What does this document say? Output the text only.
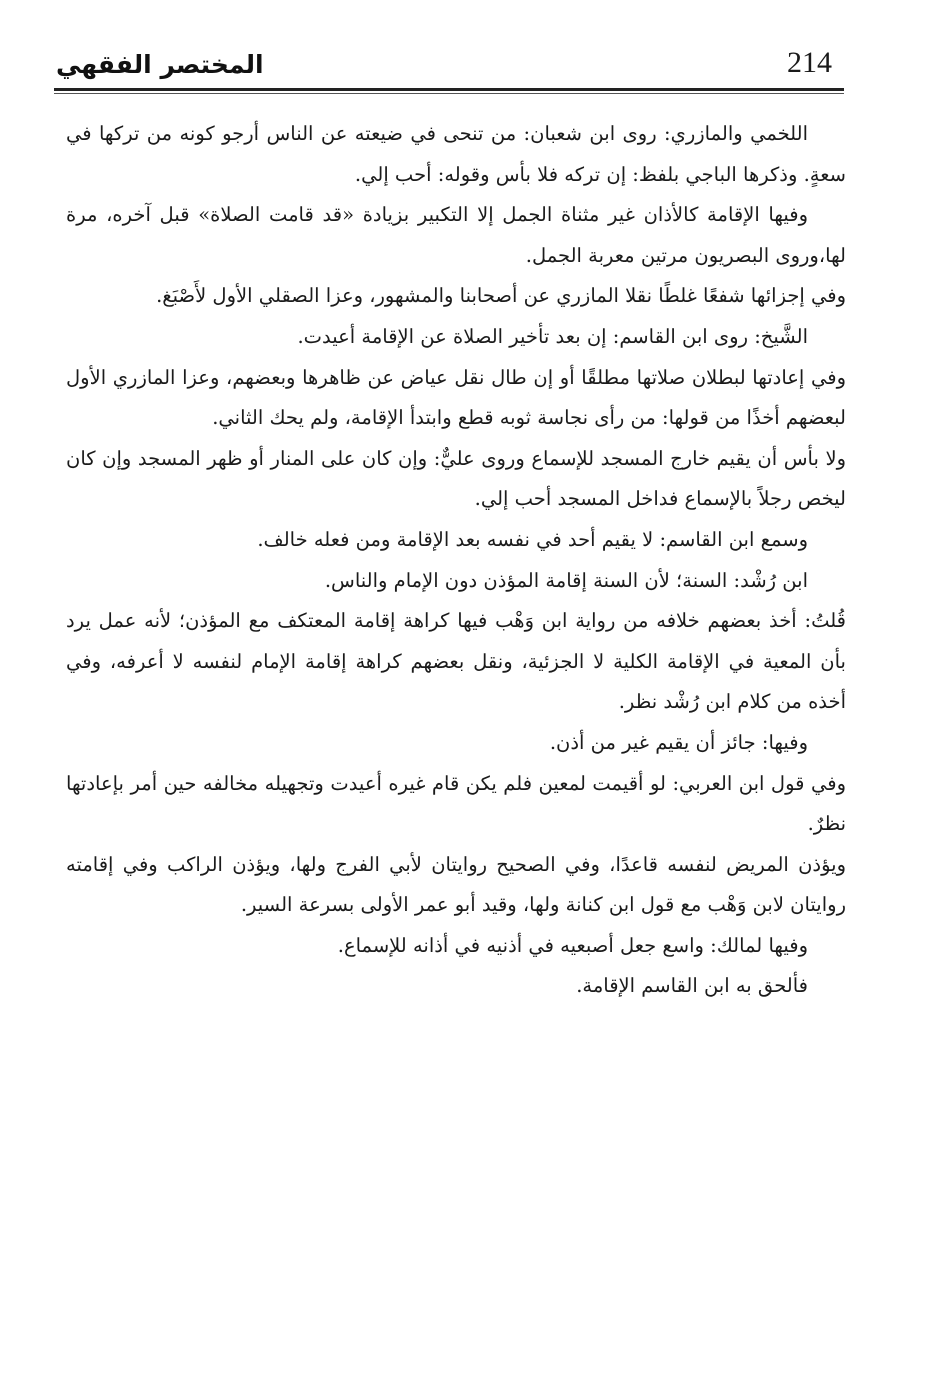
المختصر الفقهي	214

اللخمي والمازري: روى ابن شعبان: من تنحى في ضيعته عن الناس أرجو كونه من تركها في سعةٍ. وذكرها الباجي بلفظ: إن تركه فلا بأس وقوله: أحب إلي.

وفيها الإقامة كالأذان غير مثناة الجمل إلا التكبير بزيادة «قد قامت الصلاة» قبل آخره، مرة لها،وروى البصريون مرتين معربة الجمل.

وفي إجزائها شفعًا غلطًا نقلا المازري عن أصحابنا والمشهور، وعزا الصقلي الأول لأَصْبَغ.

الشَّيخ: روى ابن القاسم: إن بعد تأخير الصلاة عن الإقامة أعيدت.

وفي إعادتها لبطلان صلاتها مطلقًا أو إن طال نقل عياض عن ظاهرها وبعضهم، وعزا المازري الأول لبعضهم أخذًا من قولها: من رأى نجاسة ثوبه قطع وابتدأ الإقامة، ولم يحك الثاني.

ولا بأس أن يقيم خارج المسجد للإسماع وروى عليٌّ: وإن كان على المنار أو ظهر المسجد وإن كان ليخص رجلاً بالإسماع فداخل المسجد أحب إلي.

وسمع ابن القاسم: لا يقيم أحد في نفسه بعد الإقامة ومن فعله خالف.

ابن رُشْد: السنة؛ لأن السنة إقامة المؤذن دون الإمام والناس.

قُلتُ: أخذ بعضهم خلافه من رواية ابن وَهْب فيها كراهة إقامة المعتكف مع المؤذن؛ لأنه عمل يرد بأن المعية في الإقامة الكلية لا الجزئية، ونقل بعضهم كراهة إقامة الإمام لنفسه لا أعرفه، وفي أخذه من كلام ابن رُشْد نظر.

وفيها: جائز أن يقيم غير من أذن.

وفي قول ابن العربي: لو أقيمت لمعين فلم يكن قام غيره أعيدت وتجهيله مخالفه حين أمر بإعادتها نظرٌ.

ويؤذن المريض لنفسه قاعدًا، وفي الصحيح روايتان لأبي الفرج ولها، ويؤذن الراكب وفي إقامته روايتان لابن وَهْب مع قول ابن كنانة ولها، وقيد أبو عمر الأولى بسرعة السير.

وفيها لمالك: واسع جعل أصبعيه في أذنيه في أذانه للإسماع.

فألحق به ابن القاسم الإقامة.
